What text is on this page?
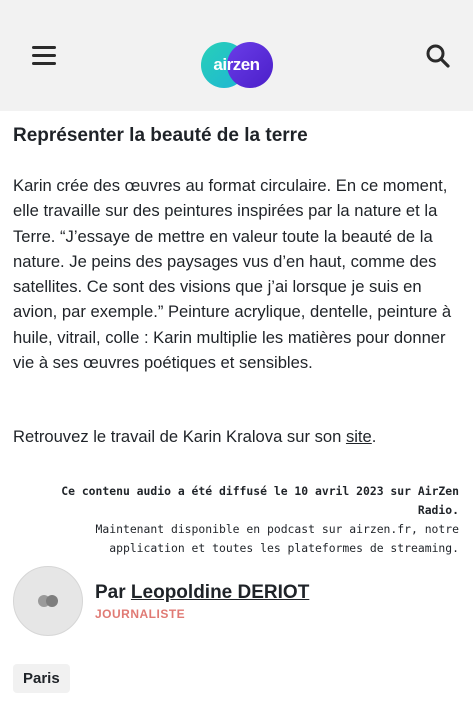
airzen
Représenter la beauté de la terre
Karin crée des œuvres au format circulaire. En ce moment, elle travaille sur des peintures inspirées par la nature et la Terre. “J’essaye de mettre en valeur toute la beauté de la nature. Je peins des paysages vus d’en haut, comme des satellites. Ce sont des visions que j’ai lorsque je suis en avion, par exemple.” Peinture acrylique, dentelle, peinture à huile, vitrail, colle : Karin multiplie les matières pour donner vie à ses œuvres poétiques et sensibles.
Retrouvez le travail de Karin Kralova sur son site.
Ce contenu audio a été diffusé le 10 avril 2023 sur AirZen Radio.
Maintenant disponible en podcast sur airzen.fr, notre application et toutes les plateformes de streaming.
Par Leopoldine DERIOT
JOURNALISTE
Paris
